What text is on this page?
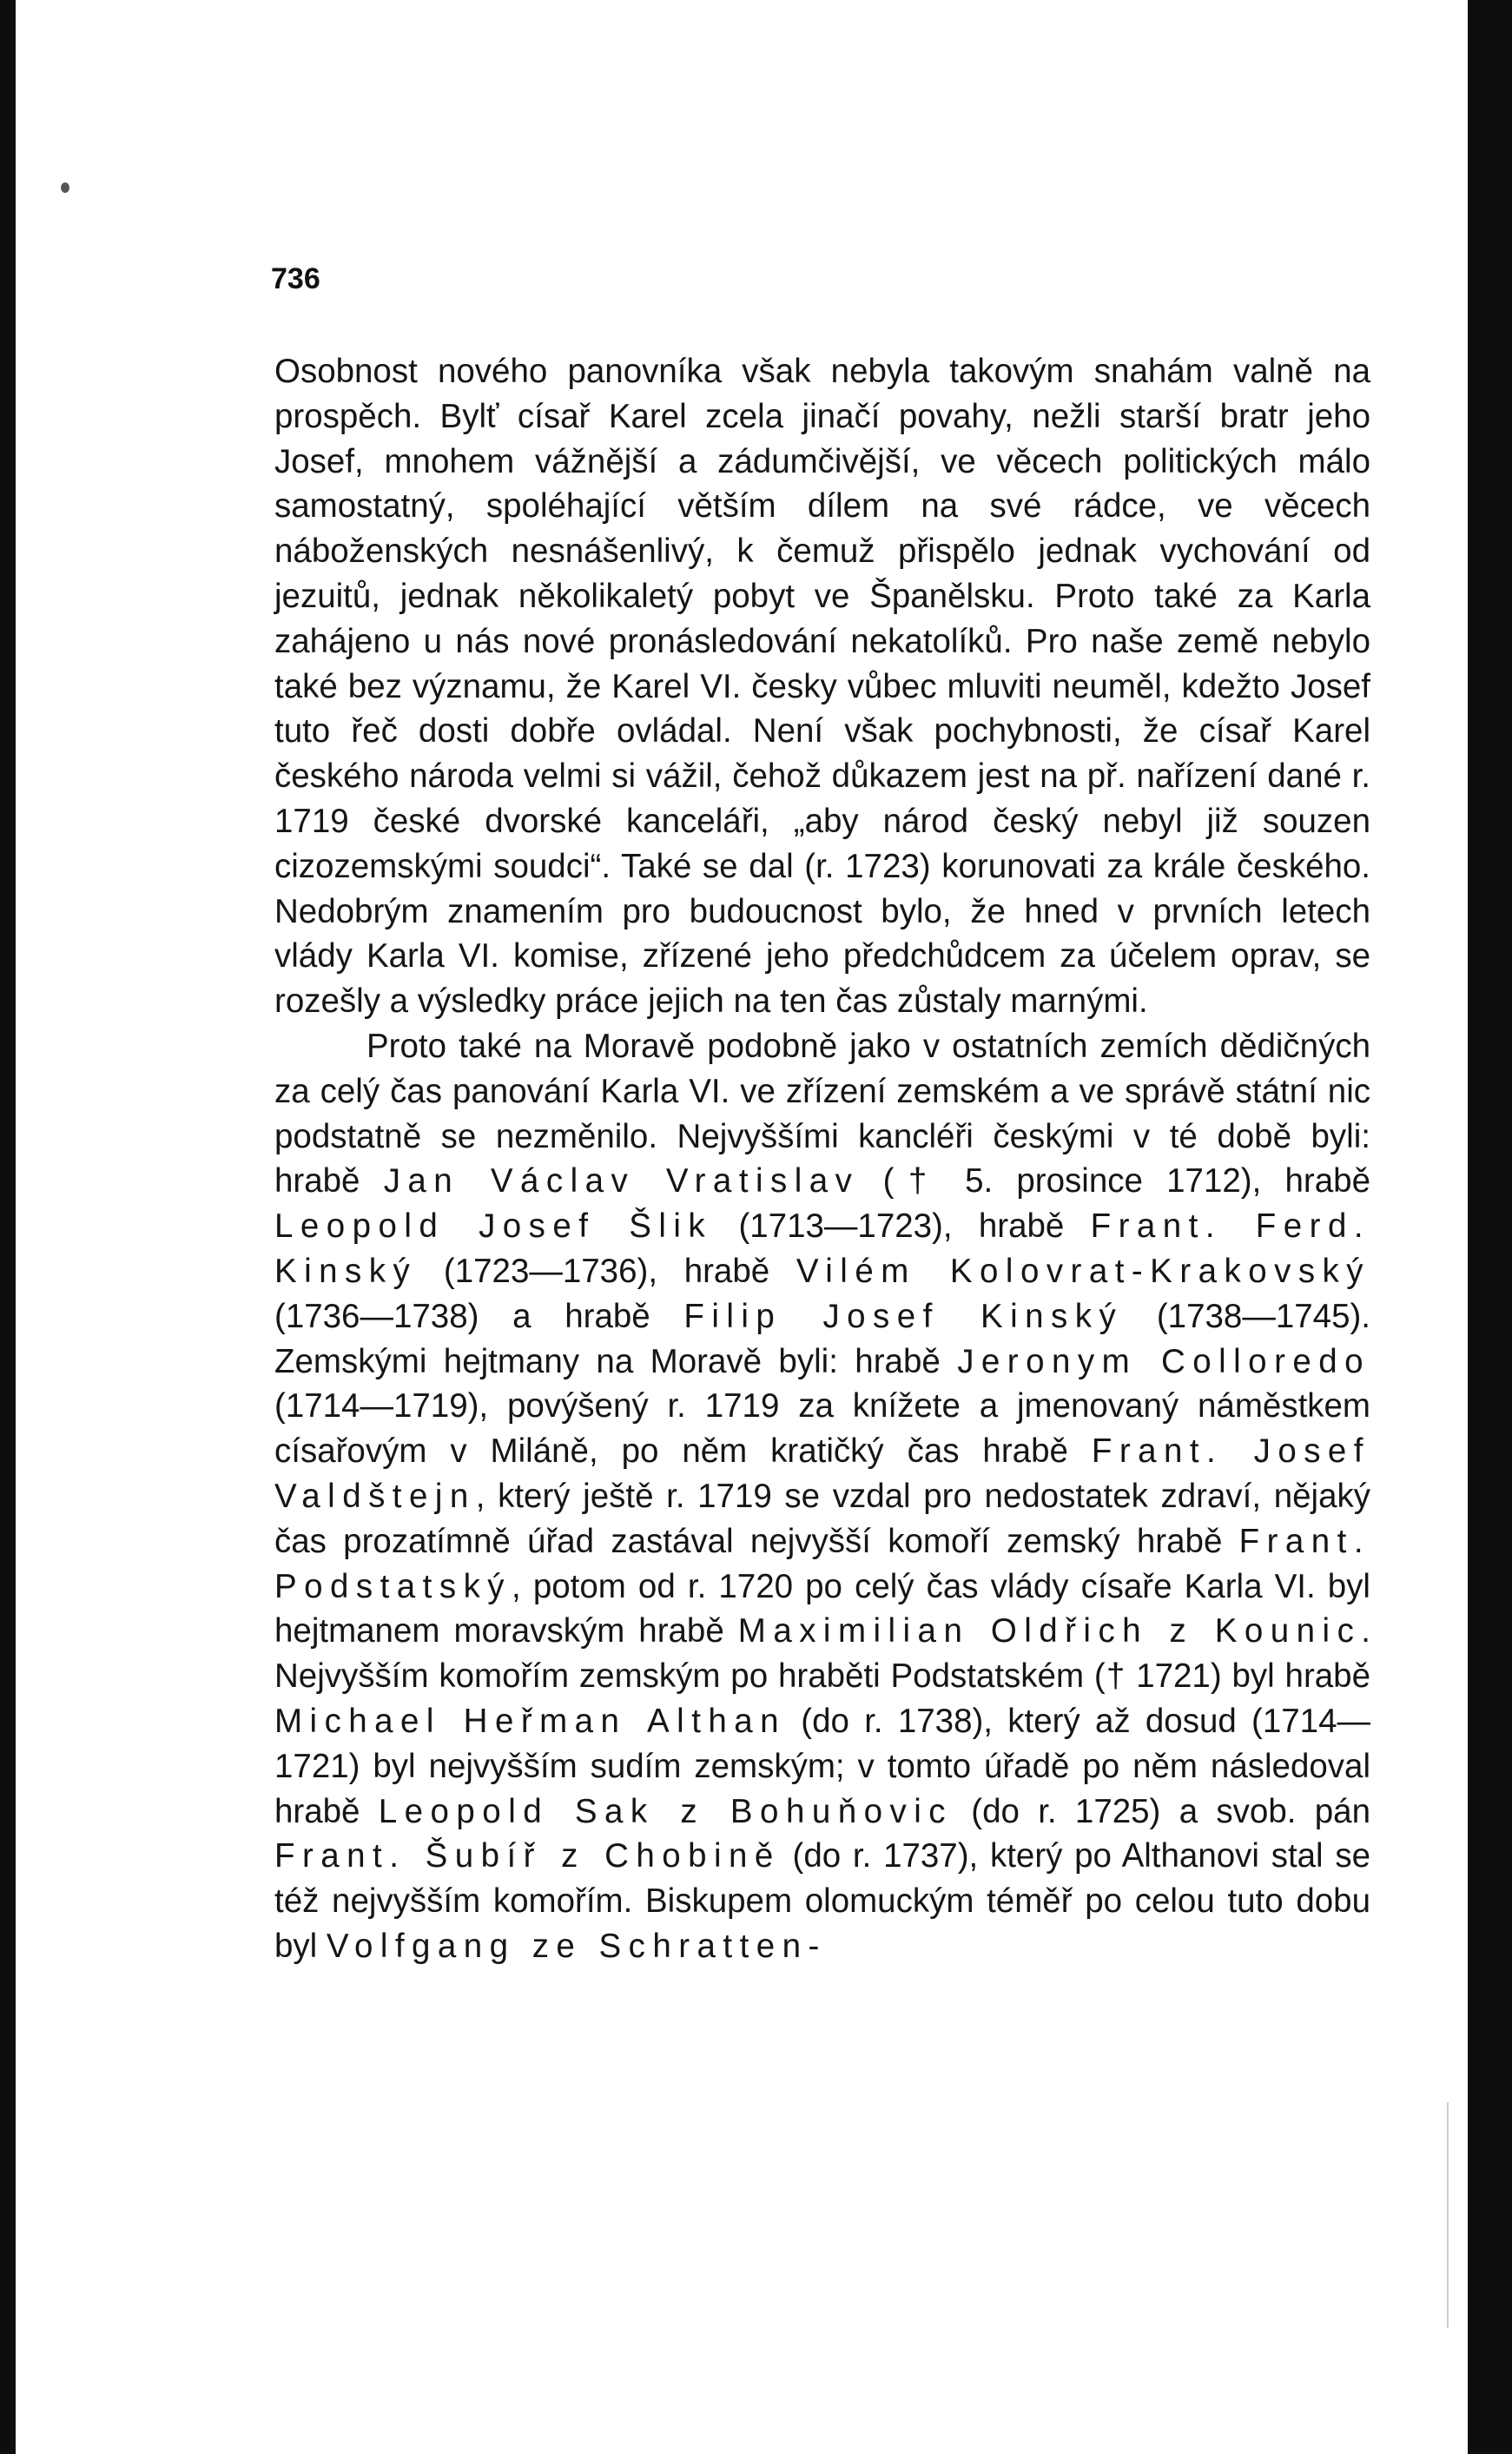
736

Osobnost nového panovníka však nebyla takovým snahám valně na prospěch. Bylť císař Karel zcela jinačí povahy, nežli starší bratr jeho Josef, mnohem vážnější a zádumčivější, ve věcech politických málo samostatný, spoléhající větším dílem na své rádce, ve věcech náboženských nesnášenlivý, k čemuž přispělo jednak vychování od jezuitů, jednak několikaletý pobyt ve Španělsku. Proto také za Karla zahájeno u nás nové pronásledování nekatolíků. Pro naše země nebylo také bez významu, že Karel VI. česky vůbec mluviti neuměl, kdežto Josef tuto řeč dosti dobře ovládal. Není však pochybnosti, že císař Karel českého národa velmi si vážil, čehož důkazem jest na př. nařízení dané r. 1719 české dvorské kanceláři, „aby národ český nebyl již souzen cizozemskými soudci“. Také se dal (r. 1723) korunovati za krále českého. Nedobrým znamením pro budoucnost bylo, že hned v prvních letech vlády Karla VI. komise, zřízené jeho předchůdcem za účelem oprav, se rozešly a výsledky práce jejich na ten čas zůstaly marnými.

Proto také na Moravě podobně jako v ostatních zemích dědičných za celý čas panování Karla VI. ve zřízení zemském a ve správě státní nic podstatně se nezměnilo. Nejvyššími kancléři českými v té době byli: hrabě Jan Václav Vratislav († 5. prosince 1712), hrabě Leopold Josef Šlik (1713—1723), hrabě Frant. Ferd. Kinský (1723—1736), hrabě Vilém Kolovrat-Krakovský (1736—1738) a hrabě Filip Josef Kinský (1738—1745). Zemskými hejtmany na Moravě byli: hrabě Jeronym Colloredo (1714—1719), povýšený r. 1719 za knížete a jmenovaný náměstkem císařovým v Miláně, po něm kratičký čas hrabě Frant. Josef Valdštejn, který ještě r. 1719 se vzdal pro nedostatek zdraví, nějaký čas prozatímně úřad zastával nejvyšší komoří zemský hrabě Frant. Podstatský, potom od r. 1720 po celý čas vlády císaře Karla VI. byl hejtmanem moravským hrabě Maximilian Oldřich z Kounic. Nejvyšším komořím zemským po hraběti Podstatském († 1721) byl hrabě Michael Heřman Althan (do r. 1738), který až dosud (1714—1721) byl nejvyšším sudím zemským; v tomto úřadě po něm následoval hrabě Leopold Sak z Bohuňovic (do r. 1725) a svob. pán Frant. Šubíř z Chobině (do r. 1737), který po Althanovi stal se též nejvyšším komořím. Biskupem olomuckým téměř po celou tuto dobu byl Volfgang ze Schratten-
